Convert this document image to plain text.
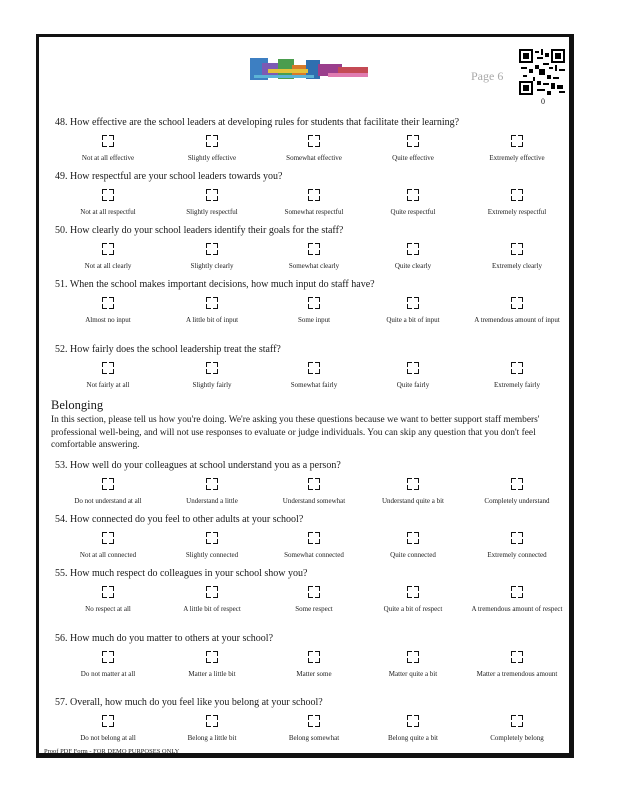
Page 6
0
48. How effective are the school leaders at developing rules for students that facilitate their learning?
Not at all effective	Slightly effective	Somewhat effective	Quite effective	Extremely effective
49. How respectful are your school leaders towards you?
Not at all respectful	Slightly respectful	Somewhat respectful	Quite respectful	Extremely respectful
50. How clearly do your school leaders identify their goals for the staff?
Not at all clearly	Slightly clearly	Somewhat clearly	Quite clearly	Extremely clearly
51. When the school makes important decisions, how much input do staff have?
Almost no input	A little bit of input	Some input	Quite a bit of input	A tremendous amount of input
52. How fairly does the school leadership treat the staff?
Not fairly at all	Slightly fairly	Somewhat fairly	Quite fairly	Extremely fairly
53. How well do your colleagues at school understand you as a person?
Do not understand at all	Understand a little	Understand somewhat	Understand quite a bit	Completely understand
54. How connected do you feel to other adults at your school?
Not at all connected	Slightly connected	Somewhat connected	Quite connected	Extremely connected
55. How much respect do colleagues in your school show you?
No respect at all	A little bit of respect	Some respect	Quite a bit of respect	A tremendous amount of respect
56. How much do you matter to others at your school?
Do not matter at all	Matter a little bit	Matter some	Matter quite a bit	Matter a tremendous amount
57. Overall, how much do you feel like you belong at your school?
Do not belong at all	Belong a little bit	Belong somewhat	Belong quite a bit	Completely belong
Belonging
In this section, please tell us how you're doing. We're asking you these questions because we want to better support staff members' professional well-being, and will not use responses to evaluate or judge individuals. You can skip any question that you don't feel comfortable answering.
Proof PDF Form - FOR DEMO PURPOSES ONLY
